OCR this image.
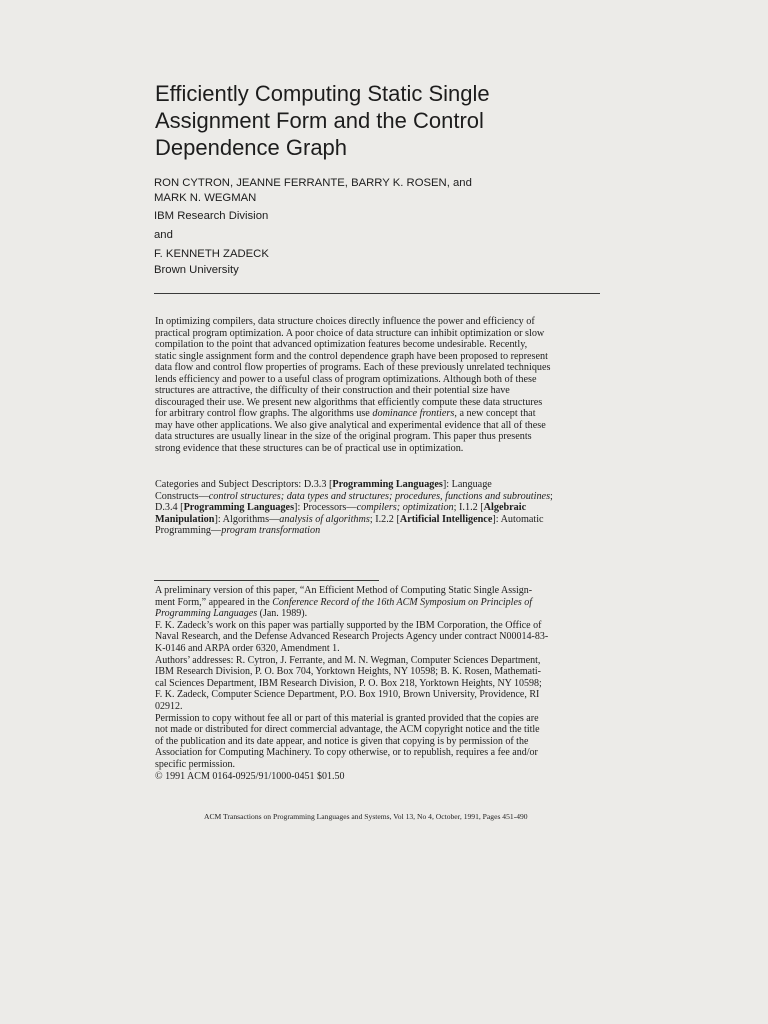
Efficiently Computing Static Single
Assignment Form and the Control
Dependence Graph
RON CYTRON, JEANNE FERRANTE, BARRY K. ROSEN, and
MARK N. WEGMAN
IBM Research Division
and
F. KENNETH ZADECK
Brown University
In optimizing compilers, data structure choices directly influence the power and efficiency of
practical program optimization. A poor choice of data structure can inhibit optimization or slow
compilation to the point that advanced optimization features become undesirable. Recently,
static single assignment form and the control dependence graph have been proposed to represent
data flow and control flow properties of programs. Each of these previously unrelated techniques
lends efficiency and power to a useful class of program optimizations. Although both of these
structures are attractive, the difficulty of their construction and their potential size have
discouraged their use. We present new algorithms that efficiently compute these data structures
for arbitrary control flow graphs. The algorithms use dominance frontiers, a new concept that
may have other applications. We also give analytical and experimental evidence that all of these
data structures are usually linear in the size of the original program. This paper thus presents
strong evidence that these structures can be of practical use in optimization.
Categories and Subject Descriptors: D.3.3 [Programming Languages]: Language
Constructs—control structures; data types and structures; procedures, functions and subroutines;
D.3.4 [Programming Languages]: Processors—compilers; optimization; I.1.2 [Algebraic
Manipulation]: Algorithms—analysis of algorithms; I.2.2 [Artificial Intelligence]: Automatic
Programming—program transformation
A preliminary version of this paper, “An Efficient Method of Computing Static Single Assign-
ment Form,” appeared in the Conference Record of the 16th ACM Symposium on Principles of
Programming Languages (Jan. 1989).
F. K. Zadeck’s work on this paper was partially supported by the IBM Corporation, the Office of
Naval Research, and the Defense Advanced Research Projects Agency under contract N00014-83-
K-0146 and ARPA order 6320, Amendment 1.
Authors’ addresses: R. Cytron, J. Ferrante, and M. N. Wegman, Computer Sciences Department,
IBM Research Division, P. O. Box 704, Yorktown Heights, NY 10598; B. K. Rosen, Mathemati-
cal Sciences Department, IBM Research Division, P. O. Box 218, Yorktown Heights, NY 10598;
F. K. Zadeck, Computer Science Department, P.O. Box 1910, Brown University, Providence, RI
02912.
Permission to copy without fee all or part of this material is granted provided that the copies are
not made or distributed for direct commercial advantage, the ACM copyright notice and the title
of the publication and its date appear, and notice is given that copying is by permission of the
Association for Computing Machinery. To copy otherwise, or to republish, requires a fee and/or
specific permission.
© 1991 ACM 0164-0925/91/1000-0451 $01.50
ACM Transactions on Programming Languages and Systems, Vol 13, No 4, October, 1991, Pages 451-490
